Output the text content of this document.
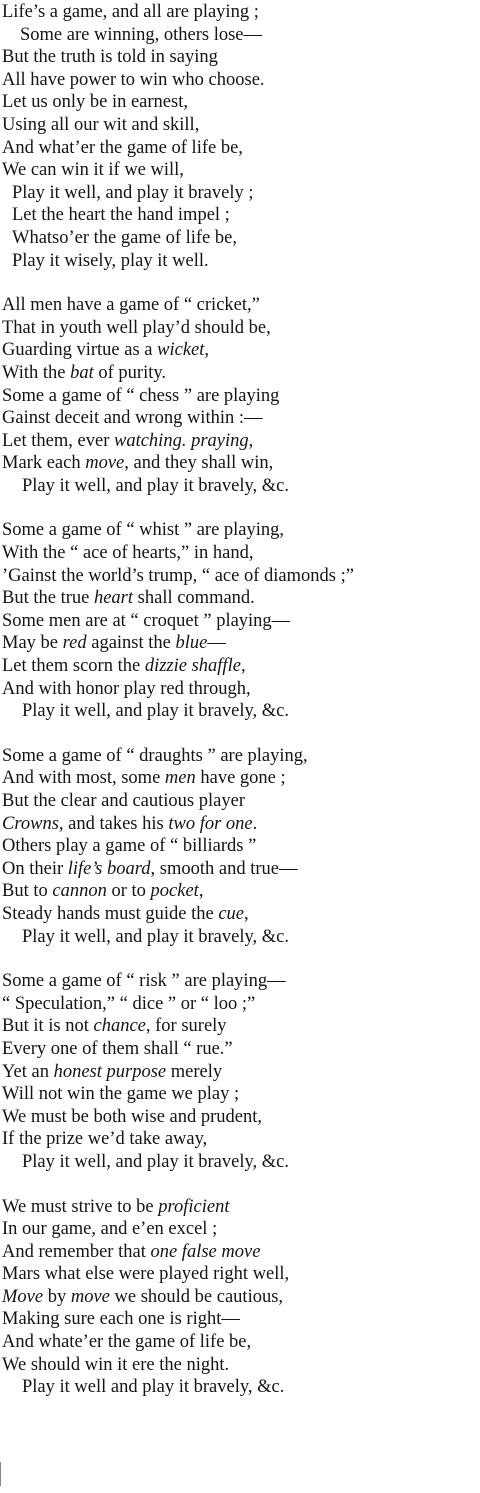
Life’s a game, and all are playing ;
Some are winning, others lose—
But the truth is told in saying
All have power to win who choose.
Let us only be in earnest,
Using all our wit and skill,
And what’er the game of life be,
We can win it if we will,
Play it well, and play it bravely ;
Let the heart the hand impel ;
Whatso’er the game of life be,
Play it wisely, play it well.
All men have a game of “ cricket,”
That in youth well play’d should be,
Guarding virtue as a wicket,
With the bat of purity.
Some a game of “ chess ” are playing
Gainst deceit and wrong within :—
Let them, ever watching. praying,
Mark each move, and they shall win,
Play it well, and play it bravely, &c.
Some a game of “ whist ” are playing,
With the “ ace of hearts,” in hand,
’Gainst the world’s trump, “ ace of diamonds ;”
But the true heart shall command.
Some men are at “ croquet ” playing—
May be red against the blue—
Let them scorn the dizzie shaffle,
And with honor play red through,
Play it well, and play it bravely, &c.
Some a game of “ draughts ” are playing,
And with most, some men have gone ;
But the clear and cautious player
Crowns, and takes his two for one.
Others play a game of “ billiards ”
On their life’s board, smooth and true—
But to cannon or to pocket,
Steady hands must guide the cue,
Play it well, and play it bravely, &c.
Some a game of “ risk ” are playing—
“ Speculation,” “ dice ” or “ loo ;”
But it is not chance, for surely
Every one of them shall “ rue.”
Yet an honest purpose merely
Will not win the game we play ;
We must be both wise and prudent,
If the prize we’d take away,
Play it well, and play it bravely, &c.
We must strive to be proficient
In our game, and e’en excel ;
And remember that one false move
Mars what else were played right well,
Move by move we should be cautious,
Making sure each one is right—
And whate’er the game of life be,
We should win it ere the night.
Play it well and play it bravely, &c.
